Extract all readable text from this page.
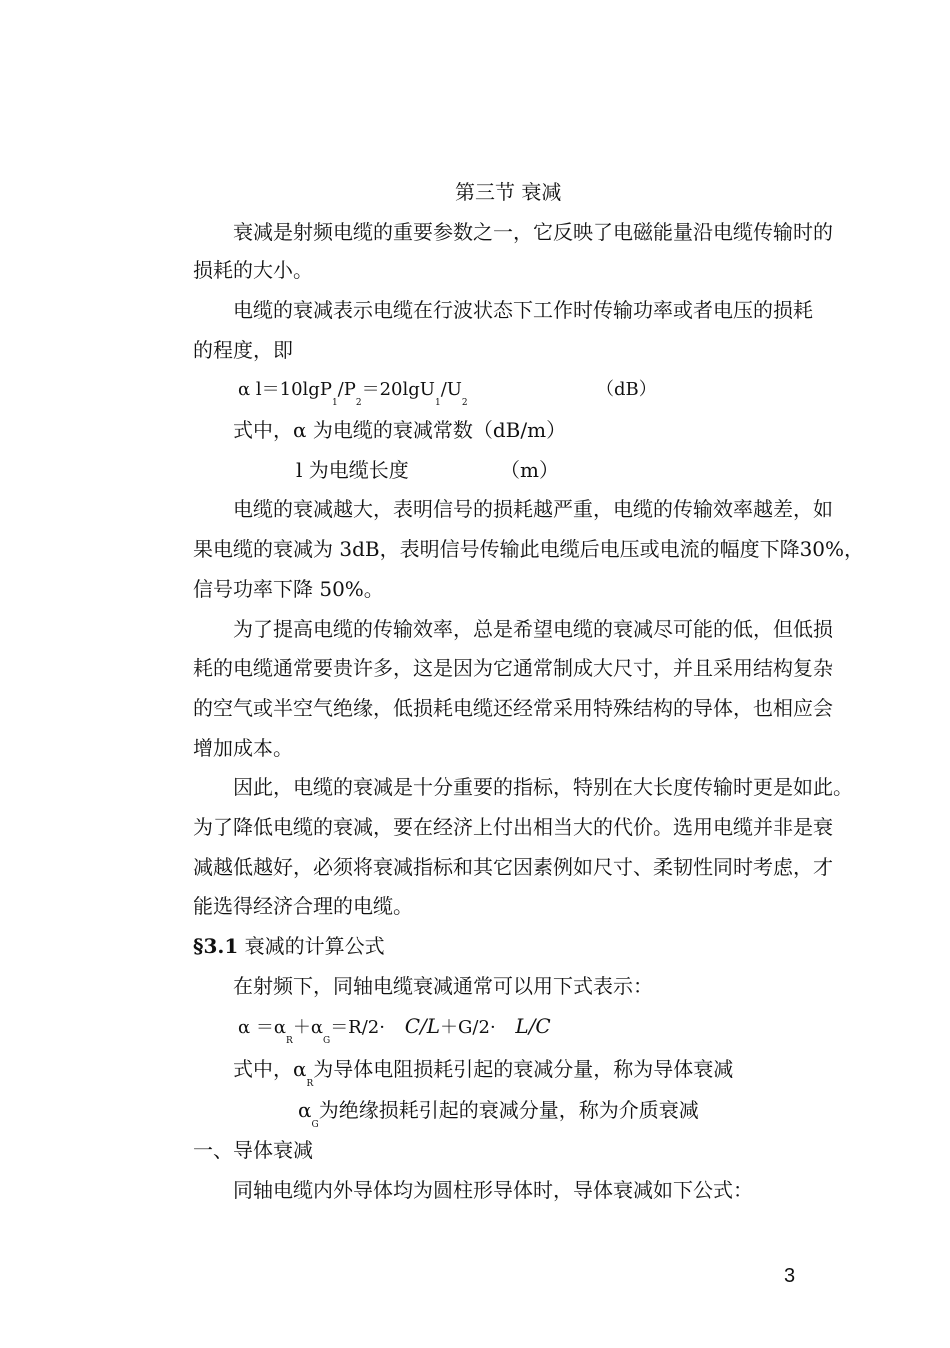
第三节 衰减
衰减是射频电缆的重要参数之一，它反映了电磁能量沿电缆传输时的
损耗的大小。
电缆的衰减表示电缆在行波状态下工作时传输功率或者电压的损耗
的程度，即
α $l=10\lg P_1/P_2=20\lg U_1/U_2$
（dB）
式中，α 为电缆的衰减常数（dB/m）
l 为电缆长度	（m）
电缆的衰减越大，表明信号的损耗越严重，电缆的传输效率越差，如
果电缆的衰减为 3dB，表明信号传输此电缆后电压或电流的幅度下降30%，
信号功率下降 50%。
为了提高电缆的传输效率，总是希望电缆的衰减尽可能的低，但低损
耗的电缆通常要贵许多，这是因为它通常制成大尺寸，并且采用结构复杂
的空气或半空气绝缘，低损耗电缆还经常采用特殊结构的导体，也相应会
增加成本。
因此，电缆的衰减是十分重要的指标，特别在大长度传输时更是如此。
为了降低电缆的衰减，要在经济上付出相当大的代价。选用电缆并非是衰
减越低越好，必须将衰减指标和其它因素例如尺寸、柔韧性同时考虑，才
能选得经济合理的电缆。
§3.1 衰减的计算公式
在射频下，同轴电缆衰减通常可以用下式表示：
$\alpha =\alpha_R+\alpha_G=R/2\cdot C/L+G/2\cdot L/C$
式中，$\alpha_R$为导体电阻损耗引起的衰减分量，称为导体衰减
$\alpha_G$为绝缘损耗引起的衰减分量，称为介质衰减
一、导体衰减
同轴电缆内外导体均为圆柱形导体时，导体衰减如下公式：
3
